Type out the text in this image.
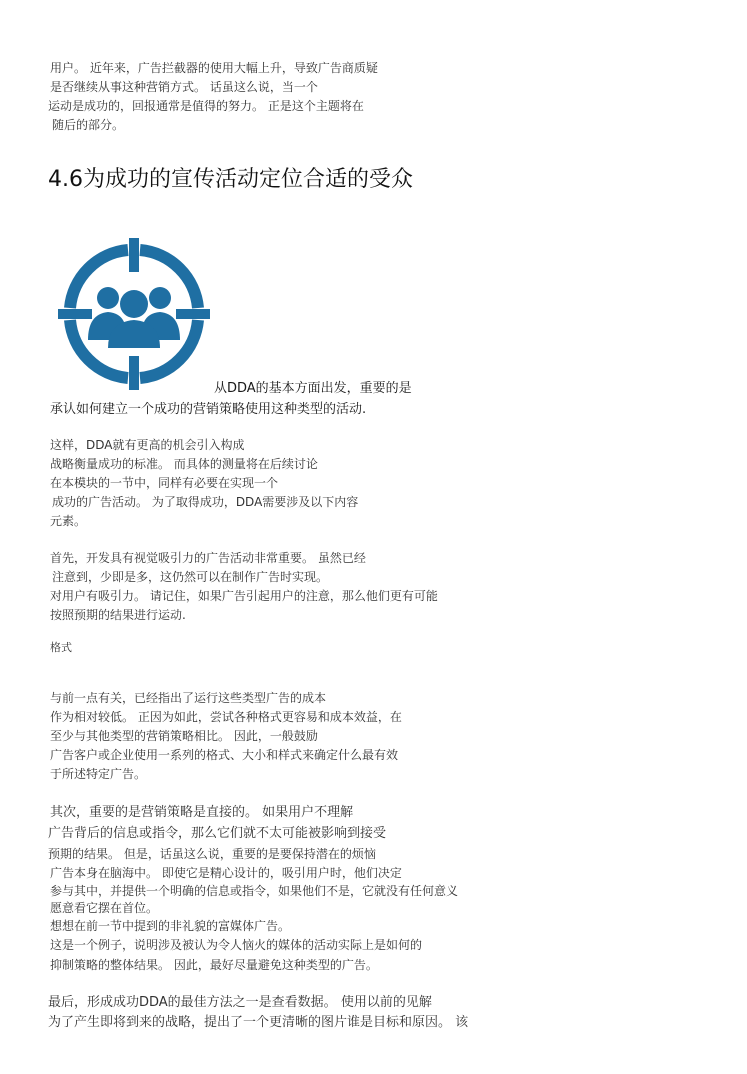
用户。 近年来，广告拦截器的使用大幅上升，导致广告商质疑
是否继续从事这种营销方式。 话虽这么说，当一个
运动是成功的，回报通常是值得的努力。 正是这个主题将在
随后的部分。
4.6为成功的宣传活动定位合适的受众
从DDA的基本方面出发，重要的是
承认如何建立一个成功的营销策略使用这种类型的活动.
这样，DDA就有更高的机会引入构成
战略衡量成功的标准。 而具体的测量将在后续讨论
在本模块的一节中，同样有必要在实现一个
成功的广告活动。 为了取得成功，DDA需要涉及以下内容
元素。
首先，开发具有视觉吸引力的广告活动非常重要。 虽然已经
注意到，少即是多，这仍然可以在制作广告时实现。
对用户有吸引力。 请记住，如果广告引起用户的注意，那么他们更有可能
按照预期的结果进行运动.
格式
与前一点有关，已经指出了运行这些类型广告的成本
作为相对较低。 正因为如此，尝试各种格式更容易和成本效益，在
至少与其他类型的营销策略相比。 因此，一般鼓励
广告客户或企业使用一系列的格式、大小和样式来确定什么最有效
于所述特定广告。
其次，重要的是营销策略是直接的。 如果用户不理解
广告背后的信息或指令，那么它们就不太可能被影响到接受
预期的结果。 但是，话虽这么说，重要的是要保持潜在的烦恼
广告本身在脑海中。 即使它是精心设计的，吸引用户时，他们决定
参与其中，并提供一个明确的信息或指令，如果他们不是，它就没有任何意义
愿意看它摆在首位。
想想在前一节中提到的非礼貌的富媒体广告。
这是一个例子，说明涉及被认为令人恼火的媒体的活动实际上是如何的
抑制策略的整体结果。 因此，最好尽量避免这种类型的广告。
最后，形成成功DDA的最佳方法之一是查看数据。 使用以前的见解
为了产生即将到来的战略，提出了一个更清晰的图片谁是目标和原因。 该
